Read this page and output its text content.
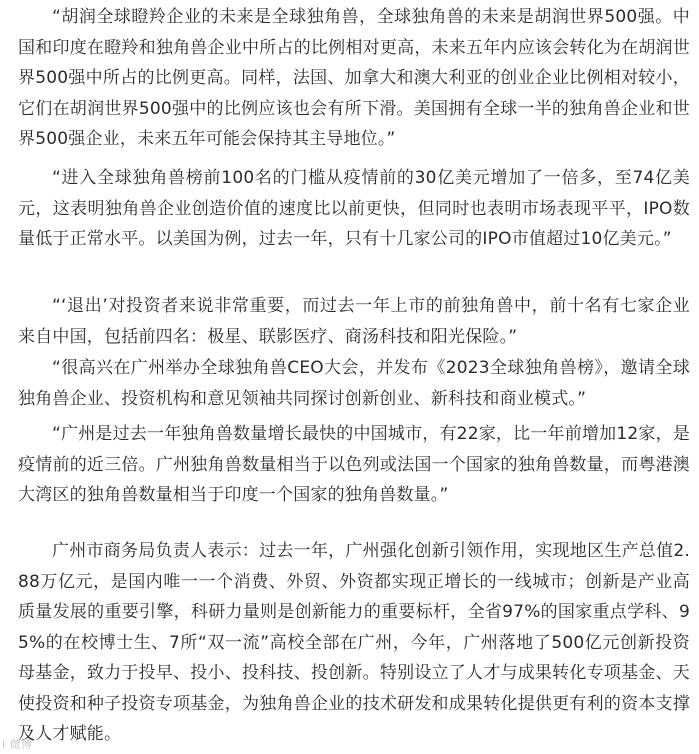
“胡润全球瞪羚企业的未来是全球独角兽，全球独角兽的未来是胡润世界500强。中国和印度在瞪羚和独角兽企业中所占的比例相对更高，未来五年内应该会转化为在胡润世界500强中所占的比例更高。同样，法国、加拿大和澳大利亚的创业企业比例相对较小，它们在胡润世界500强中的比例应该也会有所下滑。美国拥有全球一半的独角兽企业和世界500强企业，未来五年可能会保持其主导地位。”

“进入全球独角兽榜前100名的门槛从疫情前的30亿美元增加了一倍多，至74亿美元，这表明独角兽企业创造价值的速度比以前更快，但同时也表明市场表现平平，IPO数量低于正常水平。以美国为例，过去一年，只有十几家公司的IPO市值超过10亿美元。”

“‘退出’对投资者来说非常重要，而过去一年上市的前独角兽中，前十名有七家企业来自中国，包括前四名：极星、联影医疗、商汤科技和阳光保险。”

“很高兴在广州举办全球独角兽CEO大会，并发布《2023全球独角兽榜》，邀请全球独角兽企业、投资机构和意见领袖共同探讨创新创业、新科技和商业模式。”

“广州是过去一年独角兽数量增长最快的中国城市，有22家，比一年前增加12家，是疫情前的近三倍。广州独角兽数量相当于以色列或法国一个国家的独角兽数量，而粤港澳大湾区的独角兽数量相当于印度一个国家的独角兽数量。”

广州市商务局负责人表示：过去一年，广州强化创新引领作用，实现地区生产总值2.88万亿元，是国内唯一一个消费、外贸、外资都实现正增长的一线城市；创新是产业高质量发展的重要引擎，科研力量则是创新能力的重要标杆，全省97%的国家重点学科、95%的在校博士生、7所“双一流”高校全部在广州，今年，广州落地了500亿元创新投资母基金，致力于投早、投小、投科技、投创新。特别设立了人才与成果转化专项基金、天使投资和种子投资专项基金，为独角兽企业的技术研发和成果转化提供更有利的资本支撑及人才赋能。

i 微博
